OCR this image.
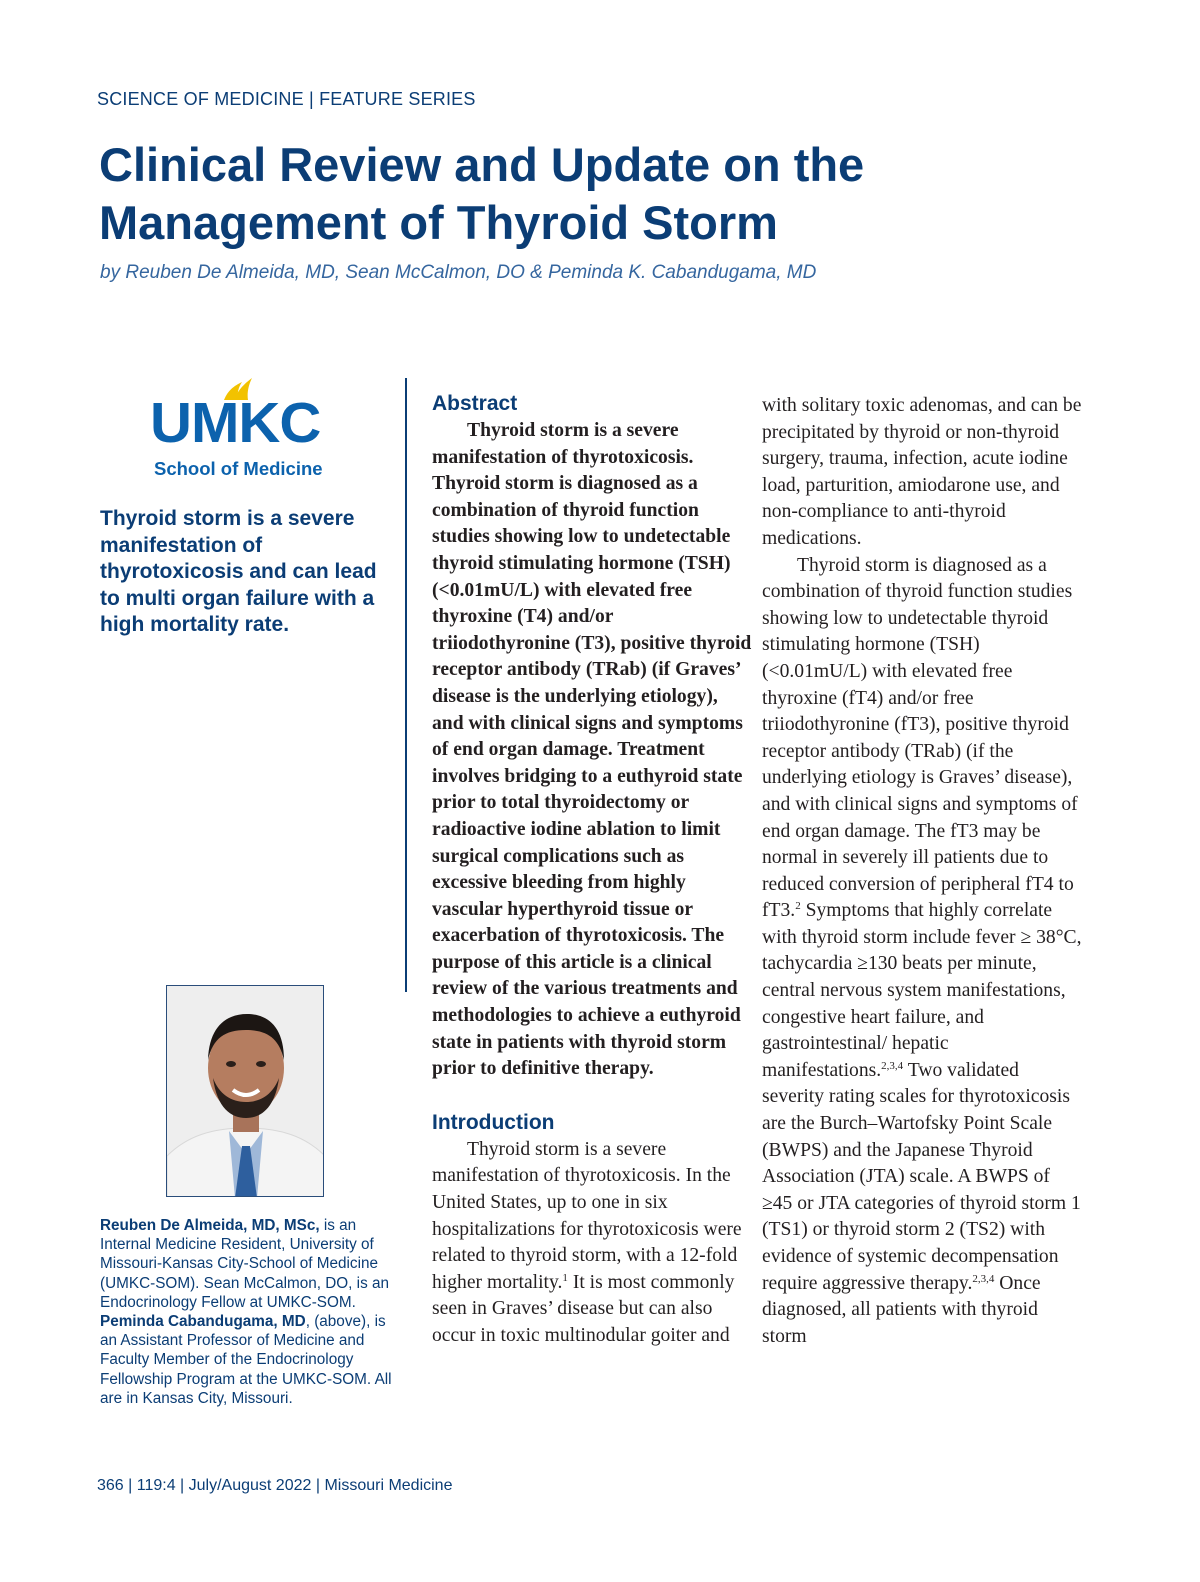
SCIENCE OF MEDICINE | FEATURE SERIES
Clinical Review and Update on the
Management of Thyroid Storm
by Reuben De Almeida, MD, Sean McCalmon, DO & Peminda K. Cabandugama, MD
UMKC
School of Medicine

Thyroid storm is a severe manifestation of thyrotoxicosis and can lead to multi organ failure with a high mortality rate.

Reuben De Almeida, MD, MSc, is an Internal Medicine Resident, University of Missouri-Kansas City-School of Medicine (UMKC-SOM). Sean McCalmon, DO, is an Endocrinology Fellow at UMKC-SOM. Peminda Cabandugama, MD, (above), is an Assistant Professor of Medicine and Faculty Member of the Endocrinology Fellowship Program at the UMKC-SOM. All are in Kansas City, Missouri.

Abstract

Thyroid storm is a severe manifestation of thyrotoxicosis. Thyroid storm is diagnosed as a combination of thyroid function studies showing low to undetectable thyroid stimulating hormone (TSH) (<0.01mU/L) with elevated free thyroxine (T4) and/or triiodothyronine (T3), positive thyroid receptor antibody (TRab) (if Graves’ disease is the underlying etiology), and with clinical signs and symptoms of end organ damage. Treatment involves bridging to a euthyroid state prior to total thyroidectomy or radioactive iodine ablation to limit surgical complications such as excessive bleeding from highly vascular hyperthyroid tissue or exacerbation of thyrotoxicosis. The purpose of this article is a clinical review of the various treatments and methodologies to achieve a euthyroid state in patients with thyroid storm prior to definitive therapy.

Introduction

Thyroid storm is a severe manifestation of thyrotoxicosis. In the United States, up to one in six hospitalizations for thyrotoxicosis were related to thyroid storm, with a 12-fold higher mortality.$^1$ It is most commonly seen in Graves’ disease but can also occur in toxic multinodular goiter and

with solitary toxic adenomas, and can be precipitated by thyroid or non-thyroid surgery, trauma, infection, acute iodine load, parturition, amiodarone use, and non-compliance to anti-thyroid medications.

Thyroid storm is diagnosed as a combination of thyroid function studies showing low to undetectable thyroid stimulating hormone (TSH) (<0.01mU/L) with elevated free thyroxine (fT4) and/or free triiodothyronine (fT3), positive thyroid receptor antibody (TRab) (if the underlying etiology is Graves’ disease), and with clinical signs and symptoms of end organ damage. The fT3 may be normal in severely ill patients due to reduced conversion of peripheral fT4 to fT3.$^2$ Symptoms that highly correlate with thyroid storm include fever ≥ 38°C, tachycardia ≥130 beats per minute, central nervous system manifestations, congestive heart failure, and gastrointestinal/ hepatic manifestations.$^{2,3,4}$ Two validated severity rating scales for thyrotoxicosis are the Burch–Wartofsky Point Scale (BWPS) and the Japanese Thyroid Association (JTA) scale. A BWPS of ≥45 or JTA categories of thyroid storm 1 (TS1) or thyroid storm 2 (TS2) with evidence of systemic decompensation require aggressive therapy.$^{2,3,4}$ Once diagnosed, all patients with thyroid storm

366 | 119:4 | July/August 2022 | Missouri Medicine
